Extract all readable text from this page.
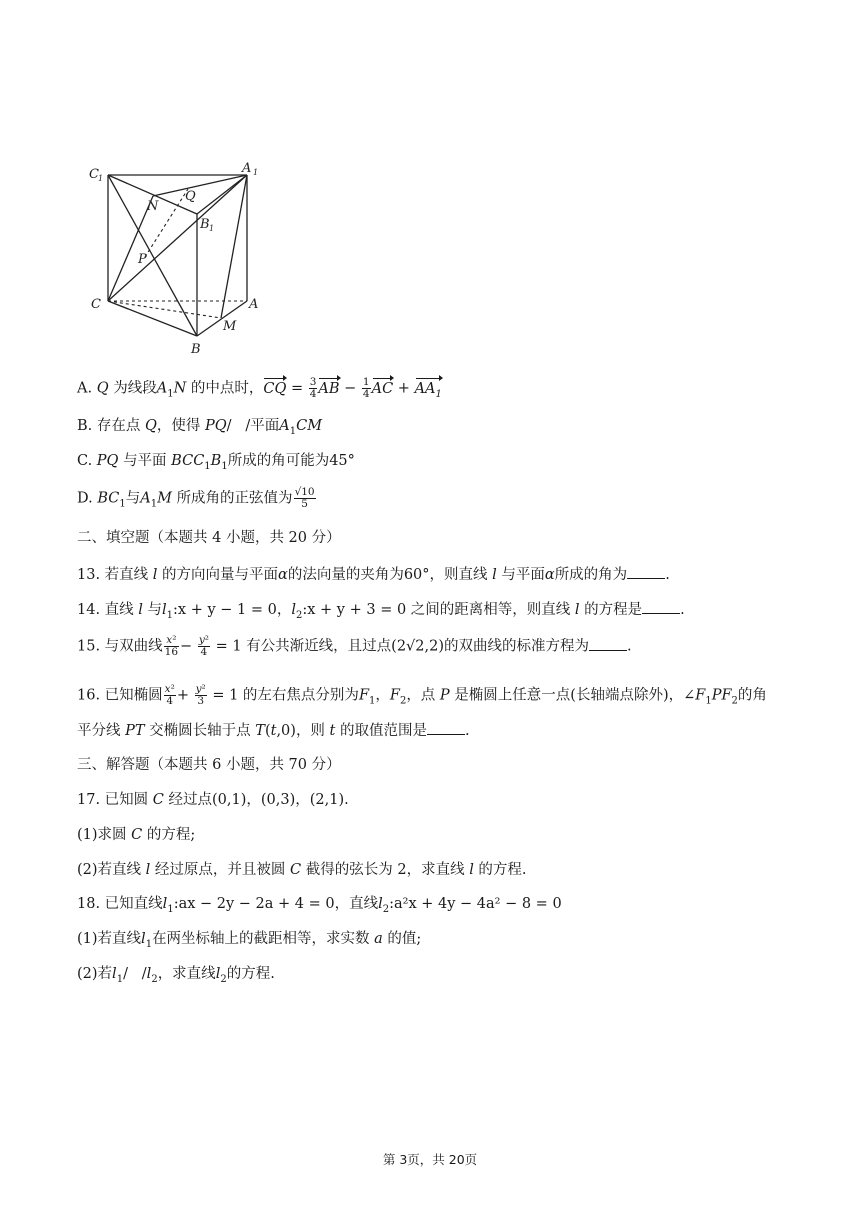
C 1
A 1
N
Q
B 1
P
C	A
M
B
A. Q 为线段$A_1N$ 的中点时，CQ = $\frac{3}{4}$ AB − $\frac{1}{4}$ AC + $AA_1$
B. 存在点 Q，使得 PQ/   /平面$A_1CM$
C. PQ 与平面 $BCC_1B_1$所成的角可能为45°
D. $BC_1$与$A_1M$ 所成角的正弦值为 $\frac{√10}{5}$
二、填空题（本题共 4 小题，共 20 分）
13. 若直线 l 的方向向量与平面α的法向量的夹角为60°，则直线 l 与平面α所成的角为	.
14. 直线 l 与$l_1:x + y - 1 = 0$，$l_2:x + y + 3 = 0$ 之间的距离相等，则直线 l 的方程是	.
15. 与双曲线 $\frac{\text{x²}}{16} - \frac{\text{y²}}{4} = 1$ 有公共渐近线，且过点(2√2,2)的双曲线的标准方程为	.
16. 已知椭圆 $\frac{\text{x²}}{4} + \frac{\text{y²}}{3} = 1$ 的左右焦点分别为$F_1$，$F_2$，点 P 是椭圆上任意一点(长轴端点除外)，$\angle F_1PF_2$的角
平分线 PT 交椭圆长轴于点 T(t,0)，则 t 的取值范围是	.
三、解答题（本题共 6 小题，共 70 分）
17. 已知圆 C 经过点(0,1)，(0,3)，(2,1).
(1)求圆 C 的方程;
(2)若直线 l 经过原点，并且被圆 C 截得的弦长为 2，求直线 l 的方程.
18. 已知直线$l_1:ax - 2y - 2a + 4 = 0$，直线$l_2:a^2x + 4y - 4a^2 - 8 = 0$
(1)若直线$l_1$在两坐标轴上的截距相等，求实数 a 的值;
(2)若$l_1/$   $/l_2$，求直线$l_2$的方程.
第 3页，共 20页
